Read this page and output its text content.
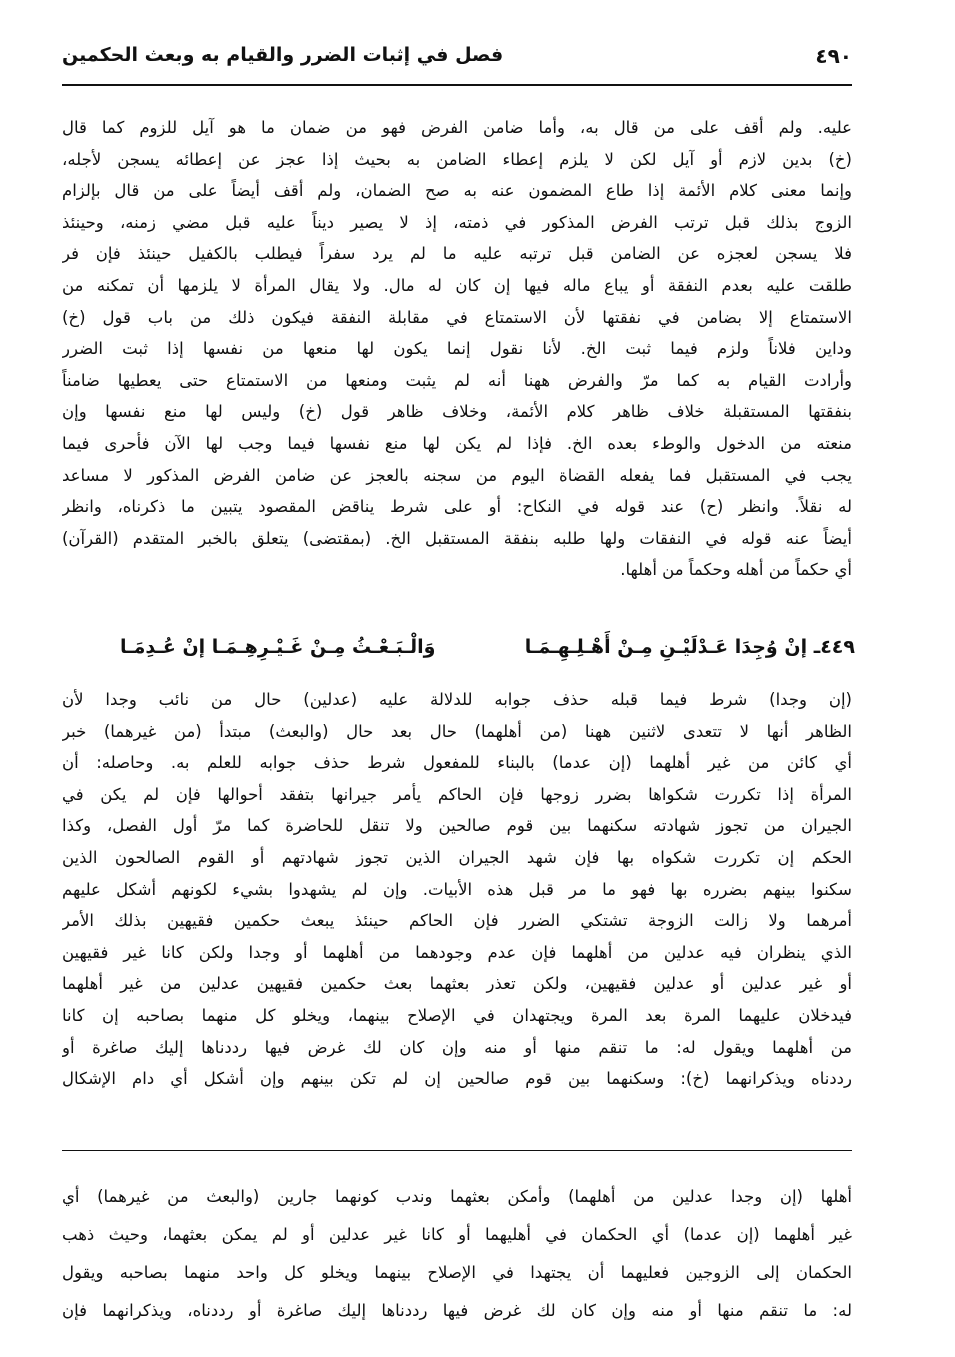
٤٩٠
فصل في إثبات الضرر والقيام به وبعث الحكمين
عليه. ولم أقف على من قال به، وأما ضامن الفرض فهو من ضمان ما هو آيل للزوم كما قال
(خ) بدين لازم أو آيل لكن لا يلزم إعطاء الضامن به بحيث إذا عجز عن إعطائه يسجن لأجله،
وإنما معنى كلام الأئمة إذا طاع المضمون عنه به صح الضمان، ولم أقف أيضاً على من قال بإلزام
الزوج بذلك قبل ترتب الفرض المذكور في ذمته، إذ لا يصير ديناً عليه قبل مضي زمنه، وحينئذ
فلا يسجن لعجزه عن الضامن قبل ترتبه عليه ما لم يرد سفراً فيطلب بالكفيل حينئذ فإن فر
طلقت عليه بعدم النفقة أو يباع ماله فيها إن كان له مال. ولا يقال المرأة لا يلزمها أن تمكنه من
الاستمتاع إلا بضامن في نفقتها لأن الاستمتاع في مقابلة النفقة فيكون ذلك من باب قول (خ)
وداين فلاناً ولزم فيما ثبت الخ. لأنا نقول إنما يكون لها منعها من نفسها إذا ثبت الضرر
وأرادت القيام به كما مرّ والفرض ههنا أنه لم يثبت ومنعها من الاستمتاع حتى يعطيها ضامناً
بنفقتها المستقبلة خلاف ظاهر كلام الأئمة، وخلاف ظاهر قول (خ) وليس لها منع نفسها وإن
منعته من الدخول والوطء بعده الخ. فإذا لم يكن لها منع نفسها فيما وجب لها الآن فأحرى فيما
يجب في المستقبل فما يفعله القضاة اليوم من سجنه بالعجز عن ضامن الفرض المذكور لا مساعد
له نقلاً. وانظر (ح) عند قوله في النكاح: أو على شرط يناقض المقصود يتبين ما ذكرناه، وانظر
أيضاً عنه قوله في النفقات ولها طلبه بنفقة المستقبل الخ. (بمقتضى) يتعلق بالخبر المتقدم (القرآن)
أي حكماً من أهله وحكماً من أهلها.
٤٤٩ـ إنْ وُجِدَا عَـدْلَيْـنِ مِـنْ أَهْـلِـهِـمَـا
وَالْـبَـعْـثُ مِـنْ غَـيْـرِهِـمَـا إنْ عُـدِمَـا
(إن وجدا) شرط فيما قبله حذف جوابه للدلالة عليه (عدلين) حال من نائب وجدا لأن
الظاهر أنها لا تتعدى لاثنين ههنا (من أهلهما) حال بعد حال (والبعث) مبتدأ (من غيرهما) خبر
أي كائن من غير أهلهما (إن عدما) بالبناء للمفعول شرط حذف جوابه للعلم به. وحاصله: أن
المرأة إذا تكررت شكواها بضرر زوجها فإن الحاكم يأمر جيرانها بتفقد أحوالها فإن لم يكن في
الجيران من تجوز شهادته سكنهما بين قوم صالحين ولا تنقل للحاضرة كما مرّ أول الفصل، وكذا
الحكم إن تكررت شكواه بها فإن شهد الجيران الذين تجوز شهادتهم أو القوم الصالحون الذين
سكنوا بينهم بضرره بها فهو ما مر قبل هذه الأبيات. وإن لم يشهدوا بشيء لكونهم أشكل عليهم
أمرهما ولا زالت الزوجة تشتكي الضرر فإن الحاكم حينئذ يبعث حكمين فقيهين بذلك الأمر
الذي ينظران فيه عدلين من أهلهما فإن عدم وجودهما من أهلهما أو وجدا ولكن كانا غير فقيهين
أو غير عدلين أو عدلين فقيهين، ولكن تعذر بعثهما بعث حكمين فقيهين عدلين من غير أهلهما
فيدخلان عليهما المرة بعد المرة ويجتهدان في الإصلاح بينهما، ويخلو كل منهما بصاحبه إن كانا
من أهلهما ويقول له: ما تنقم منها أو منه وإن كان لك غرض فيها رددناها إليك صاغرة أو
رددناه ويذكرانهما (خ): وسكنهما بين قوم صالحين إن لم تكن بينهم وإن أشكل أي دام الإشكال
أهلها (إن وجدا عدلين من أهلهما) وأمكن بعثهما وندب كونهما جارين (والبعث من غيرهما) أي
غير أهلهما (إن عدما) أي الحكمان في أهليهما أو كانا غير عدلين أو لم يمكن بعثهما، وحيث ذهب
الحكمان إلى الزوجين فعليهما أن يجتهدا في الإصلاح بينهما ويخلو كل واحد منهما بصاحبه ويقول
له: ما تنقم منها أو منه وإن كان لك غرض فيها رددناها إليك صاغرة أو رددناه، ويذكرانهما فإن
